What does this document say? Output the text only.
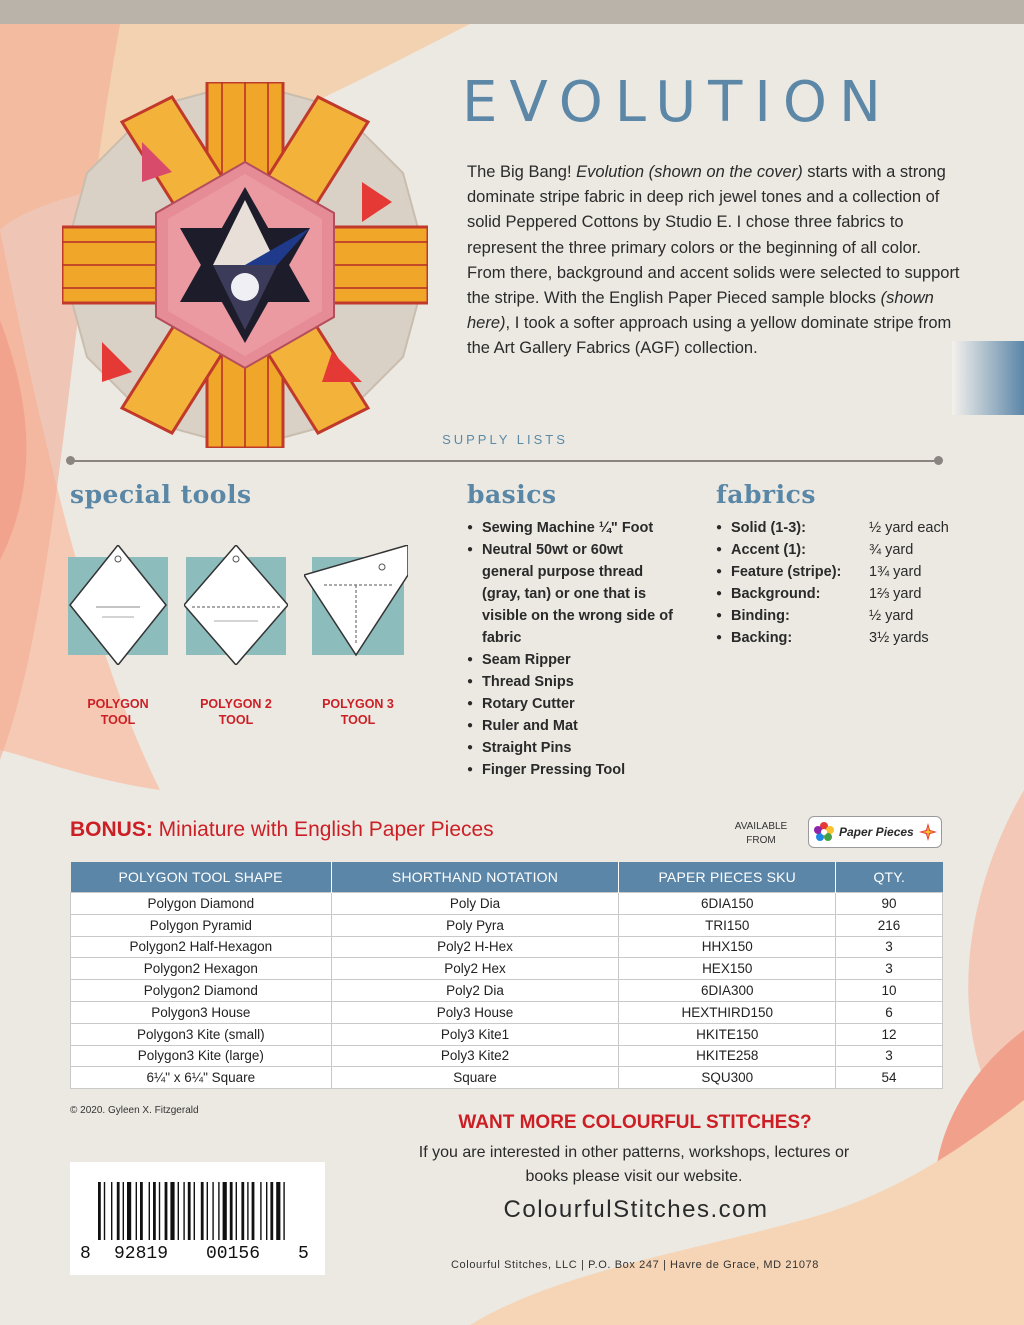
EVOLUTION

The Big Bang! Evolution (shown on the cover) starts with a strong dominate stripe fabric in deep rich jewel tones and a collection of solid Peppered Cottons by Studio E. I chose three fabrics to represent the three primary colors or the beginning of all color. From there, background and accent solids were selected to support the stripe. With the English Paper Pieced sample blocks (shown here), I took a softer approach using a yellow dominate stripe from the Art Gallery Fabrics (AGF) collection.

SUPPLY LISTS
special tools	basics	fabrics
POLYGON
TOOL
POLYGON 2
TOOL
POLYGON 3
TOOL
● Sewing Machine ¼" Foot
● Neutral 50wt or 60wt general purpose thread (gray, tan) or one that is visible on the wrong side of fabric
● Seam Ripper
● Thread Snips
● Rotary Cutter
● Ruler and Mat
● Straight Pins
● Finger Pressing Tool
● Solid (1-3):	½ yard each
● Accent (1):	¾ yard
● Feature (stripe): 1¾ yard
● Background:	1⅔ yard
● Binding:	½ yard
● Backing:	3½ yards
BONUS: Miniature with English Paper Pieces	AVAILABLE
FROM
Paper Pieces
POLYGON TOOL SHAPE	SHORTHAND NOTATION	PAPER PIECES SKU	QTY.
Polygon Diamond	Poly Dia	6DIA150	90
Polygon Pyramid	Poly Pyra	TRI150	216
Polygon2 Half-Hexagon	Poly2 H-Hex	HHX150	3
Polygon2 Hexagon	Poly2 Hex	HEX150	3
Polygon2 Diamond	Poly2 Dia	6DIA300	10
Polygon3 House	Poly3 House	HEXTHIRD150	6
Polygon3 Kite (small)	Poly3 Kite1	HKITE150	12
Polygon3 Kite (large)	Poly3 Kite2	HKITE258	3
6¼" x 6¼" Square	Square	SQU300	54
© 2020. Gyleen X. Fitzgerald
WANT MORE COLOURFUL STITCHES?

If you are interested in other patterns, workshops, lectures or books please visit our website.

ColourfulStitches.com
Colourful Stitches, LLC | P.O. Box 247 | Havre de Grace, MD 21078
8 92819 00156 5
